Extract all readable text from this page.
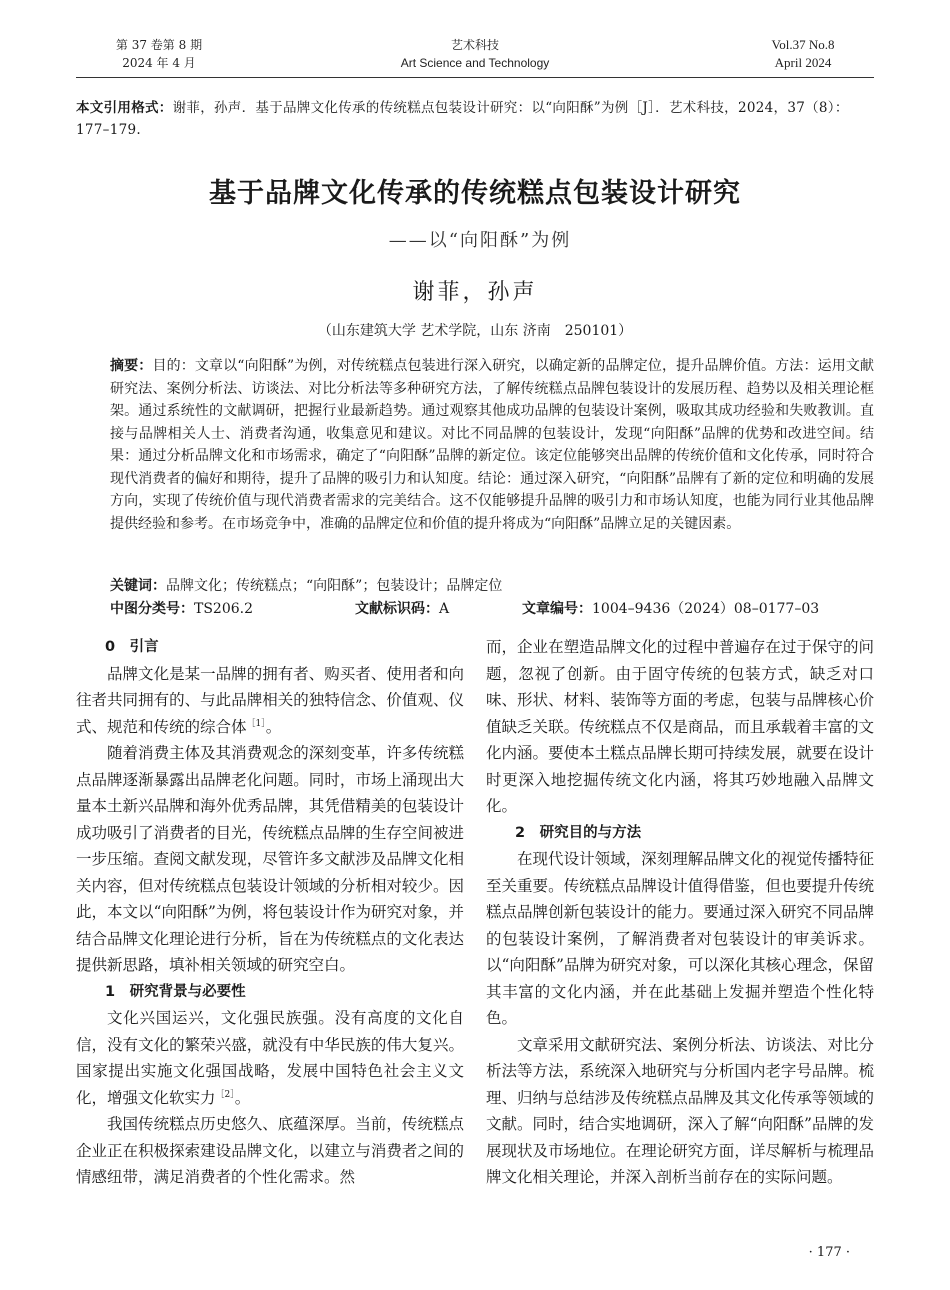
第 37 卷第 8 期
2024 年 4 月
艺术科技
Art Science and Technology
Vol.37 No.8
April 2024
本文引用格式：谢菲，孙声．基于品牌文化传承的传统糕点包装设计研究：以“向阳酥”为例［J］．艺术科技，2024，37（8）：177–179.
基于品牌文化传承的传统糕点包装设计研究
——以“向阳酥”为例
谢菲，孙声
（山东建筑大学 艺术学院，山东 济南　250101）
摘要：目的：文章以“向阳酥”为例，对传统糕点包装进行深入研究，以确定新的品牌定位，提升品牌价值。方法：运用文献研究法、案例分析法、访谈法、对比分析法等多种研究方法，了解传统糕点品牌包装设计的发展历程、趋势以及相关理论框架。通过系统性的文献调研，把握行业最新趋势。通过观察其他成功品牌的包装设计案例，吸取其成功经验和失败教训。直接与品牌相关人士、消费者沟通，收集意见和建议。对比不同品牌的包装设计，发现“向阳酥”品牌的优势和改进空间。结果：通过分析品牌文化和市场需求，确定了“向阳酥”品牌的新定位。该定位能够突出品牌的传统价值和文化传承，同时符合现代消费者的偏好和期待，提升了品牌的吸引力和认知度。结论：通过深入研究，“向阳酥”品牌有了新的定位和明确的发展方向，实现了传统价值与现代消费者需求的完美结合。这不仅能够提升品牌的吸引力和市场认知度，也能为同行业其他品牌提供经验和参考。在市场竞争中，准确的品牌定位和价值的提升将成为“向阳酥”品牌立足的关键因素。
关键词：品牌文化；传统糕点；“向阳酥”；包装设计；品牌定位
中图分类号：TS206.2	文献标识码：A	文章编号：1004–9436（2024）08–0177–03

0　引言

品牌文化是某一品牌的拥有者、购买者、使用者和向往者共同拥有的、与此品牌相关的独特信念、价值观、仪式、规范和传统的综合体$^{[1]}$。

随着消费主体及其消费观念的深刻变革，许多传统糕点品牌逐渐暴露出品牌老化问题。同时，市场上涌现出大量本土新兴品牌和海外优秀品牌，其凭借精美的包装设计成功吸引了消费者的目光，传统糕点品牌的生存空间被进一步压缩。查阅文献发现，尽管许多文献涉及品牌文化相关内容，但对传统糕点包装设计领域的分析相对较少。因此，本文以“向阳酥”为例，将包装设计作为研究对象，并结合品牌文化理论进行分析，旨在为传统糕点的文化表达提供新思路，填补相关领域的研究空白。

1　研究背景与必要性

文化兴国运兴，文化强民族强。没有高度的文化自信，没有文化的繁荣兴盛，就没有中华民族的伟大复兴。国家提出实施文化强国战略，发展中国特色社会主义文化，增强文化软实力$^{[2]}$。

我国传统糕点历史悠久、底蕴深厚。当前，传统糕点企业正在积极探索建设品牌文化，以建立与消费者之间的情感纽带，满足消费者的个性化需求。然

而，企业在塑造品牌文化的过程中普遍存在过于保守的问题，忽视了创新。由于固守传统的包装方式，缺乏对口味、形状、材料、装饰等方面的考虑，包装与品牌核心价值缺乏关联。传统糕点不仅是商品，而且承载着丰富的文化内涵。要使本土糕点品牌长期可持续发展，就要在设计时更深入地挖掘传统文化内涵，将其巧妙地融入品牌文化。

2　研究目的与方法

在现代设计领域，深刻理解品牌文化的视觉传播特征至关重要。传统糕点品牌设计值得借鉴，但也要提升传统糕点品牌创新包装设计的能力。要通过深入研究不同品牌的包装设计案例，了解消费者对包装设计的审美诉求。以“向阳酥”品牌为研究对象，可以深化其核心理念，保留其丰富的文化内涵，并在此基础上发掘并塑造个性化特色。

文章采用文献研究法、案例分析法、访谈法、对比分析法等方法，系统深入地研究与分析国内老字号品牌。梳理、归纳与总结涉及传统糕点品牌及其文化传承等领域的文献。同时，结合实地调研，深入了解“向阳酥”品牌的发展现状及市场地位。在理论研究方面，详尽解析与梳理品牌文化相关理论，并深入剖析当前存在的实际问题。

· 177 ·
